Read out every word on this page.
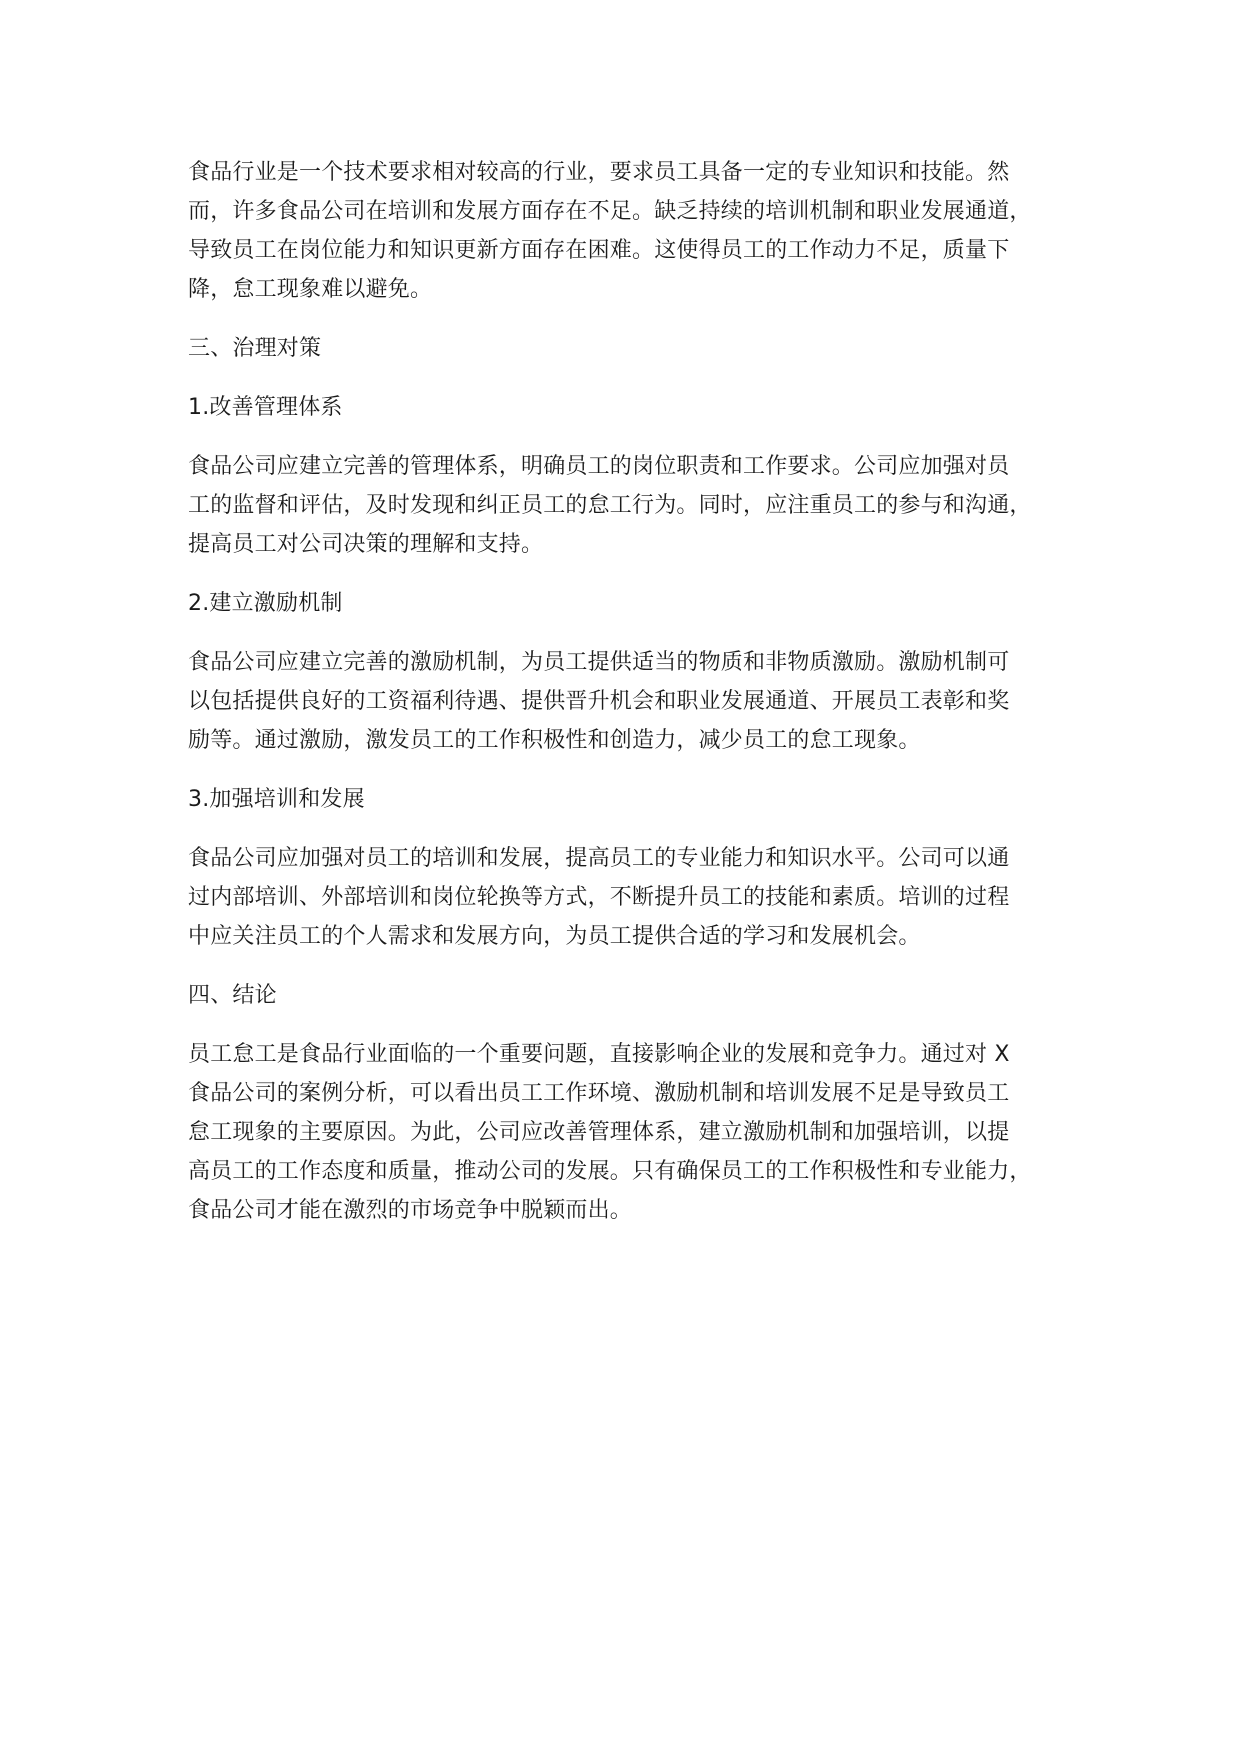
食品行业是一个技术要求相对较高的行业，要求员工具备一定的专业知识和技能。然
而，许多食品公司在培训和发展方面存在不足。缺乏持续的培训机制和职业发展通道，
导致员工在岗位能力和知识更新方面存在困难。这使得员工的工作动力不足，质量下
降，怠工现象难以避免。

三、治理对策

1.改善管理体系

食品公司应建立完善的管理体系，明确员工的岗位职责和工作要求。公司应加强对员
工的监督和评估，及时发现和纠正员工的怠工行为。同时，应注重员工的参与和沟通，
提高员工对公司决策的理解和支持。

2.建立激励机制

食品公司应建立完善的激励机制，为员工提供适当的物质和非物质激励。激励机制可
以包括提供良好的工资福利待遇、提供晋升机会和职业发展通道、开展员工表彰和奖
励等。通过激励，激发员工的工作积极性和创造力，减少员工的怠工现象。

3.加强培训和发展

食品公司应加强对员工的培训和发展，提高员工的专业能力和知识水平。公司可以通
过内部培训、外部培训和岗位轮换等方式，不断提升员工的技能和素质。培训的过程
中应关注员工的个人需求和发展方向，为员工提供合适的学习和发展机会。

四、结论

员工怠工是食品行业面临的一个重要问题，直接影响企业的发展和竞争力。通过对 X
食品公司的案例分析，可以看出员工工作环境、激励机制和培训发展不足是导致员工
怠工现象的主要原因。为此，公司应改善管理体系，建立激励机制和加强培训，以提
高员工的工作态度和质量，推动公司的发展。只有确保员工的工作积极性和专业能力，
食品公司才能在激烈的市场竞争中脱颖而出。
